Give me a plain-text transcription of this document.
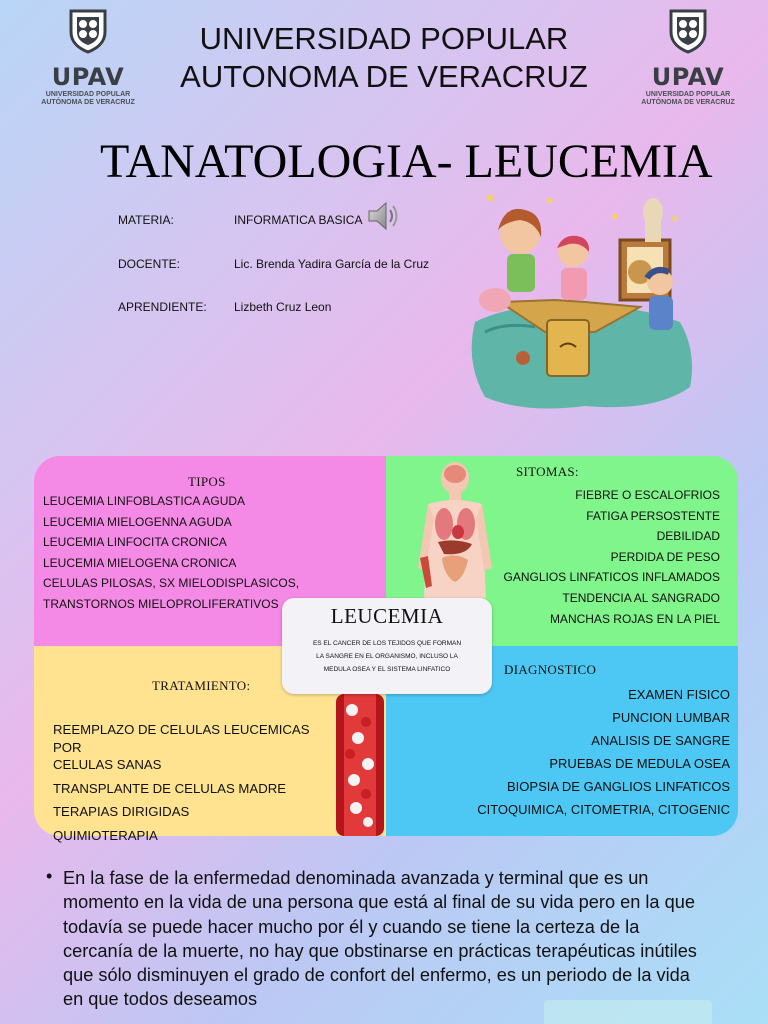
UPAV
UNIVERSIDAD POPULAR
AUTÓNOMA DE VERACRUZ
UPAV
UNIVERSIDAD POPULAR
AUTÓNOMA DE VERACRUZ
UNIVERSIDAD POPULAR
AUTONOMA DE VERACRUZ
TANATOLOGIA- LEUCEMIA
MATERIA:	INFORMATICA BASICA
DOCENTE:	Lic. Brenda Yadira García de la Cruz
APRENDIENTE: Lizbeth Cruz Leon
★	★
★	★
TIPOS
LEUCEMIA LINFOBLASTICA AGUDA
LEUCEMIA MIELOGENNA AGUDA
LEUCEMIA LINFOCITA CRONICA
LEUCEMIA MIELOGENA CRONICA
CELULAS PILOSAS, SX MIELODISPLASICOS,
TRANSTORNOS MIELOPROLIFERATIVOS
SITOMAS:
FIEBRE O ESCALOFRIOS
FATIGA PERSOSTENTE
DEBILIDAD
PERDIDA DE PESO
GANGLIOS LINFATICOS INFLAMADOS
TENDENCIA AL SANGRADO
MANCHAS ROJAS EN LA PIEL
TRATAMIENTO:
REEMPLAZO DE CELULAS LEUCEMICAS POR
CELULAS SANAS
TRANSPLANTE DE CELULAS MADRE
TERAPIAS DIRIGIDAS
QUIMIOTERAPIA
DIAGNOSTICO
EXAMEN FISICO
PUNCION LUMBAR
ANALISIS DE SANGRE
PRUEBAS DE MEDULA OSEA
BIOPSIA DE GANGLIOS LINFATICOS
CITOQUIMICA, CITOMETRIA, CITOGENIC
LEUCEMIA
ES EL CANCER DE LOS TEJIDOS QUE FORMAN
LA SANGRE EN EL ORGANISMO, INCLUSO LA
MEDULA OSEA Y EL SISTEMA LINFATICO
• En la fase de la enfermedad denominada avanzada y terminal que es un momento en la vida de una persona que está al final de su vida pero en la que todavía se puede hacer mucho por él y cuando se tiene la certeza de la cercanía de la muerte, no hay que obstinarse en prácticas terapéuticas inútiles que sólo disminuyen el grado de confort del enfermo, es un periodo de la vida en que todos deseamos
